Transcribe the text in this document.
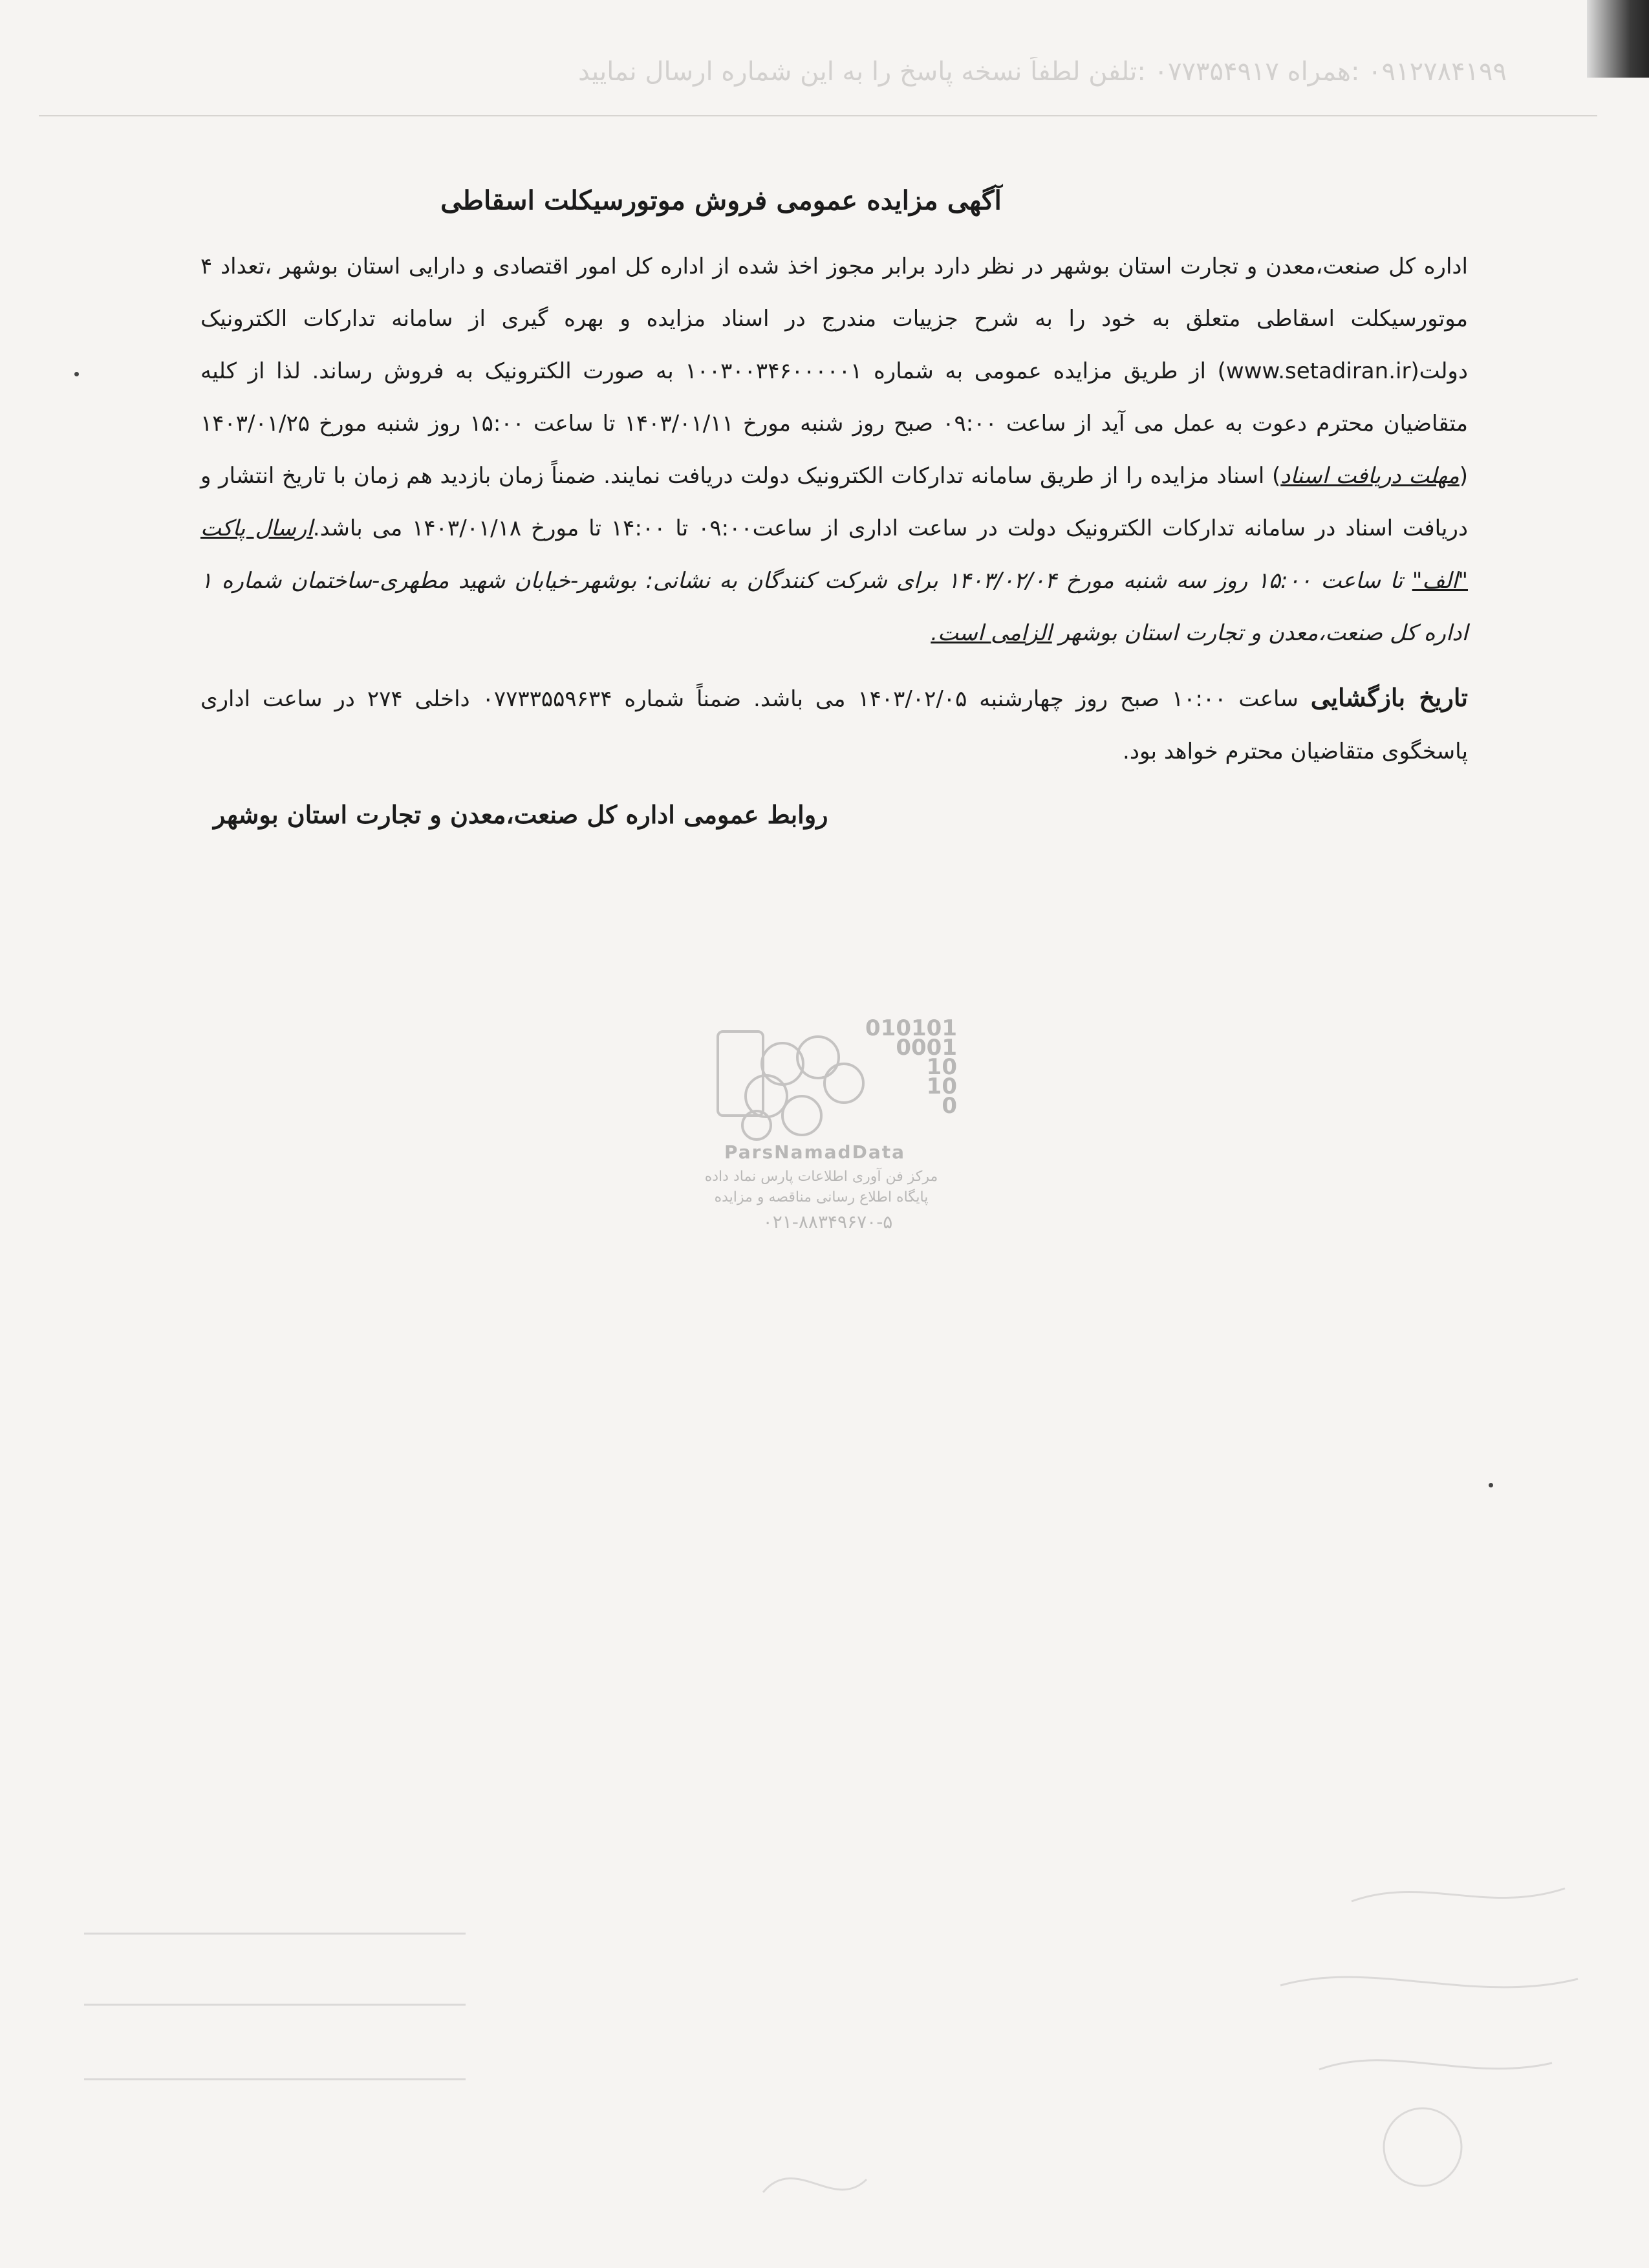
۰۹۱۲۷۸۴۱۹۹ :همراه ۰۷۷۳۵۴۹۱۷ :تلفن لطفاً نسخه پاسخ را به این شماره ارسال نمایید
آگهی مزایده عمومی فروش موتورسیکلت اسقاطی

اداره کل صنعت،معدن و تجارت استان بوشهر در نظر دارد برابر مجوز اخذ شده از اداره کل امور اقتصادی و دارایی استان بوشهر ،تعداد ۴ موتورسیکلت اسقاطی متعلق به خود را به شرح جزییات مندرج در اسناد مزایده و بهره گیری از سامانه تدارکات الکترونیک دولت(www.setadiran.ir) از طریق مزایده عمومی به شماره ۱۰۰۳۰۰۳۴۶۰۰۰۰۰۱ به صورت الکترونیک به فروش رساند. لذا از کلیه متقاضیان محترم دعوت به عمل می آید از ساعت ۰۹:۰۰ صبح روز شنبه مورخ ۱۴۰۳/۰۱/۱۱ تا ساعت ۱۵:۰۰ روز شنبه مورخ ۱۴۰۳/۰۱/۲۵ (مهلت دریافت اسناد) اسناد مزایده را از طریق سامانه تدارکات الکترونیک دولت دریافت نمایند. ضمناً زمان بازدید هم زمان با تاریخ انتشار و دریافت اسناد در سامانه تدارکات الکترونیک دولت در ساعت اداری از ساعت۰۹:۰۰ تا ۱۴:۰۰ تا مورخ ۱۴۰۳/۰۱/۱۸ می باشد.ارسال پاکت "الف" تا ساعت ۱۵:۰۰ روز سه شنبه مورخ ۱۴۰۳/۰۲/۰۴ برای شرکت کنندگان به نشانی: بوشهر-خیابان شهید مطهری-ساختمان شماره ۱ اداره کل صنعت،معدن و تجارت استان بوشهر الزامی است.

تاریخ بازگشایی ساعت ۱۰:۰۰ صبح روز چهارشنبه ۱۴۰۳/۰۲/۰۵ می باشد. ضمناً شماره ۰۷۷۳۳۵۵۹۶۳۴ داخلی ۲۷۴ در ساعت اداری پاسخگوی متقاضیان محترم خواهد بود.

روابط عمومی اداره کل صنعت،معدن و تجارت استان بوشهر
010101
0001
10
10
0
ParsNamadData
مرکز فن آوری اطلاعات پارس نماد داده
پایگاه اطلاع رسانی مناقصه و مزایده
۰۲۱-۸۸۳۴۹۶۷۰-۵
